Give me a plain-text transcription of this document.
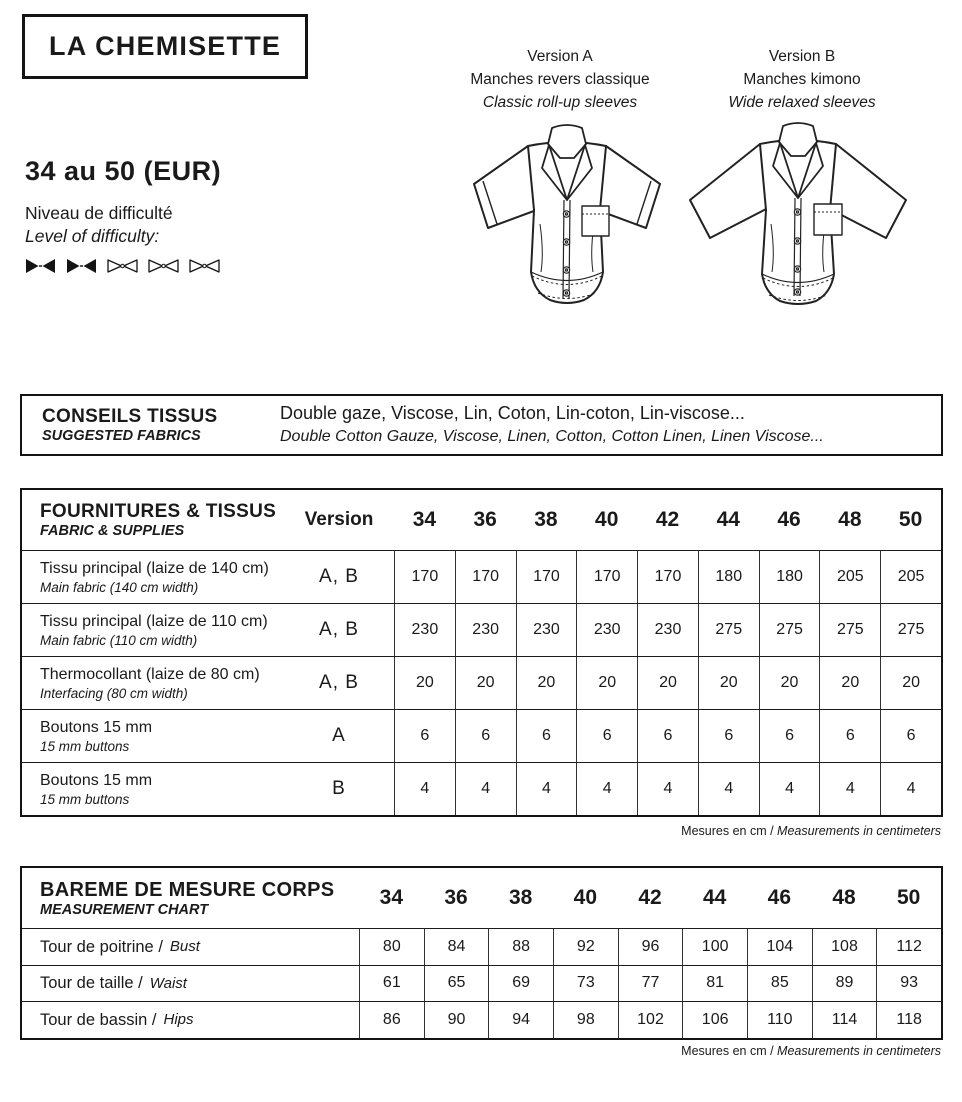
LA CHEMISETTE	Version A
Manches revers classique
Classic roll-up sleeves
Version B
Manches kimono
Wide relaxed sleeves
34 au 50 (EUR)
Niveau de difficulté
Level of difficulty:
CONSEILS TISSUS
SUGGESTED FABRICS
Double gaze, Viscose, Lin, Coton, Lin-coton, Lin-viscose...
Double Cotton Gauze, Viscose, Linen, Cotton, Cotton Linen, Linen Viscose...
FOURNITURES & TISSUS
FABRIC & SUPPLIES
Version	34	36	38	40	42	44	46	48	50
Tissu principal (laize de 140 cm)
Main fabric (140 cm width)	A, B	170	170	170	170	170	180	180	205	205
Tissu principal (laize de 110 cm)
Main fabric (110 cm width)	A, B	230	230	230	230	230	275	275	275	275
Thermocollant (laize de 80 cm)
Interfacing (80 cm width)	A, B	20	20	20	20	20	20	20	20	20
Boutons 15 mm
15 mm buttons	A	6	6	6	6	6	6	6	6	6
Boutons 15 mm
15 mm buttons	B	4	4	4	4	4	4	4	4	4
Mesures en cm / Measurements in centimeters
BAREME DE MESURE CORPS
MEASUREMENT CHART
34	36	38	40	42	44	46	48	50
Tour de poitrine / Bust	80	84	88	92	96	100	104	108	112
Tour de taille / Waist	61	65	69	73	77	81	85	89	93
Tour de bassin / Hips	86	90	94	98	102	106	110	114	118
Mesures en cm / Measurements in centimeters
